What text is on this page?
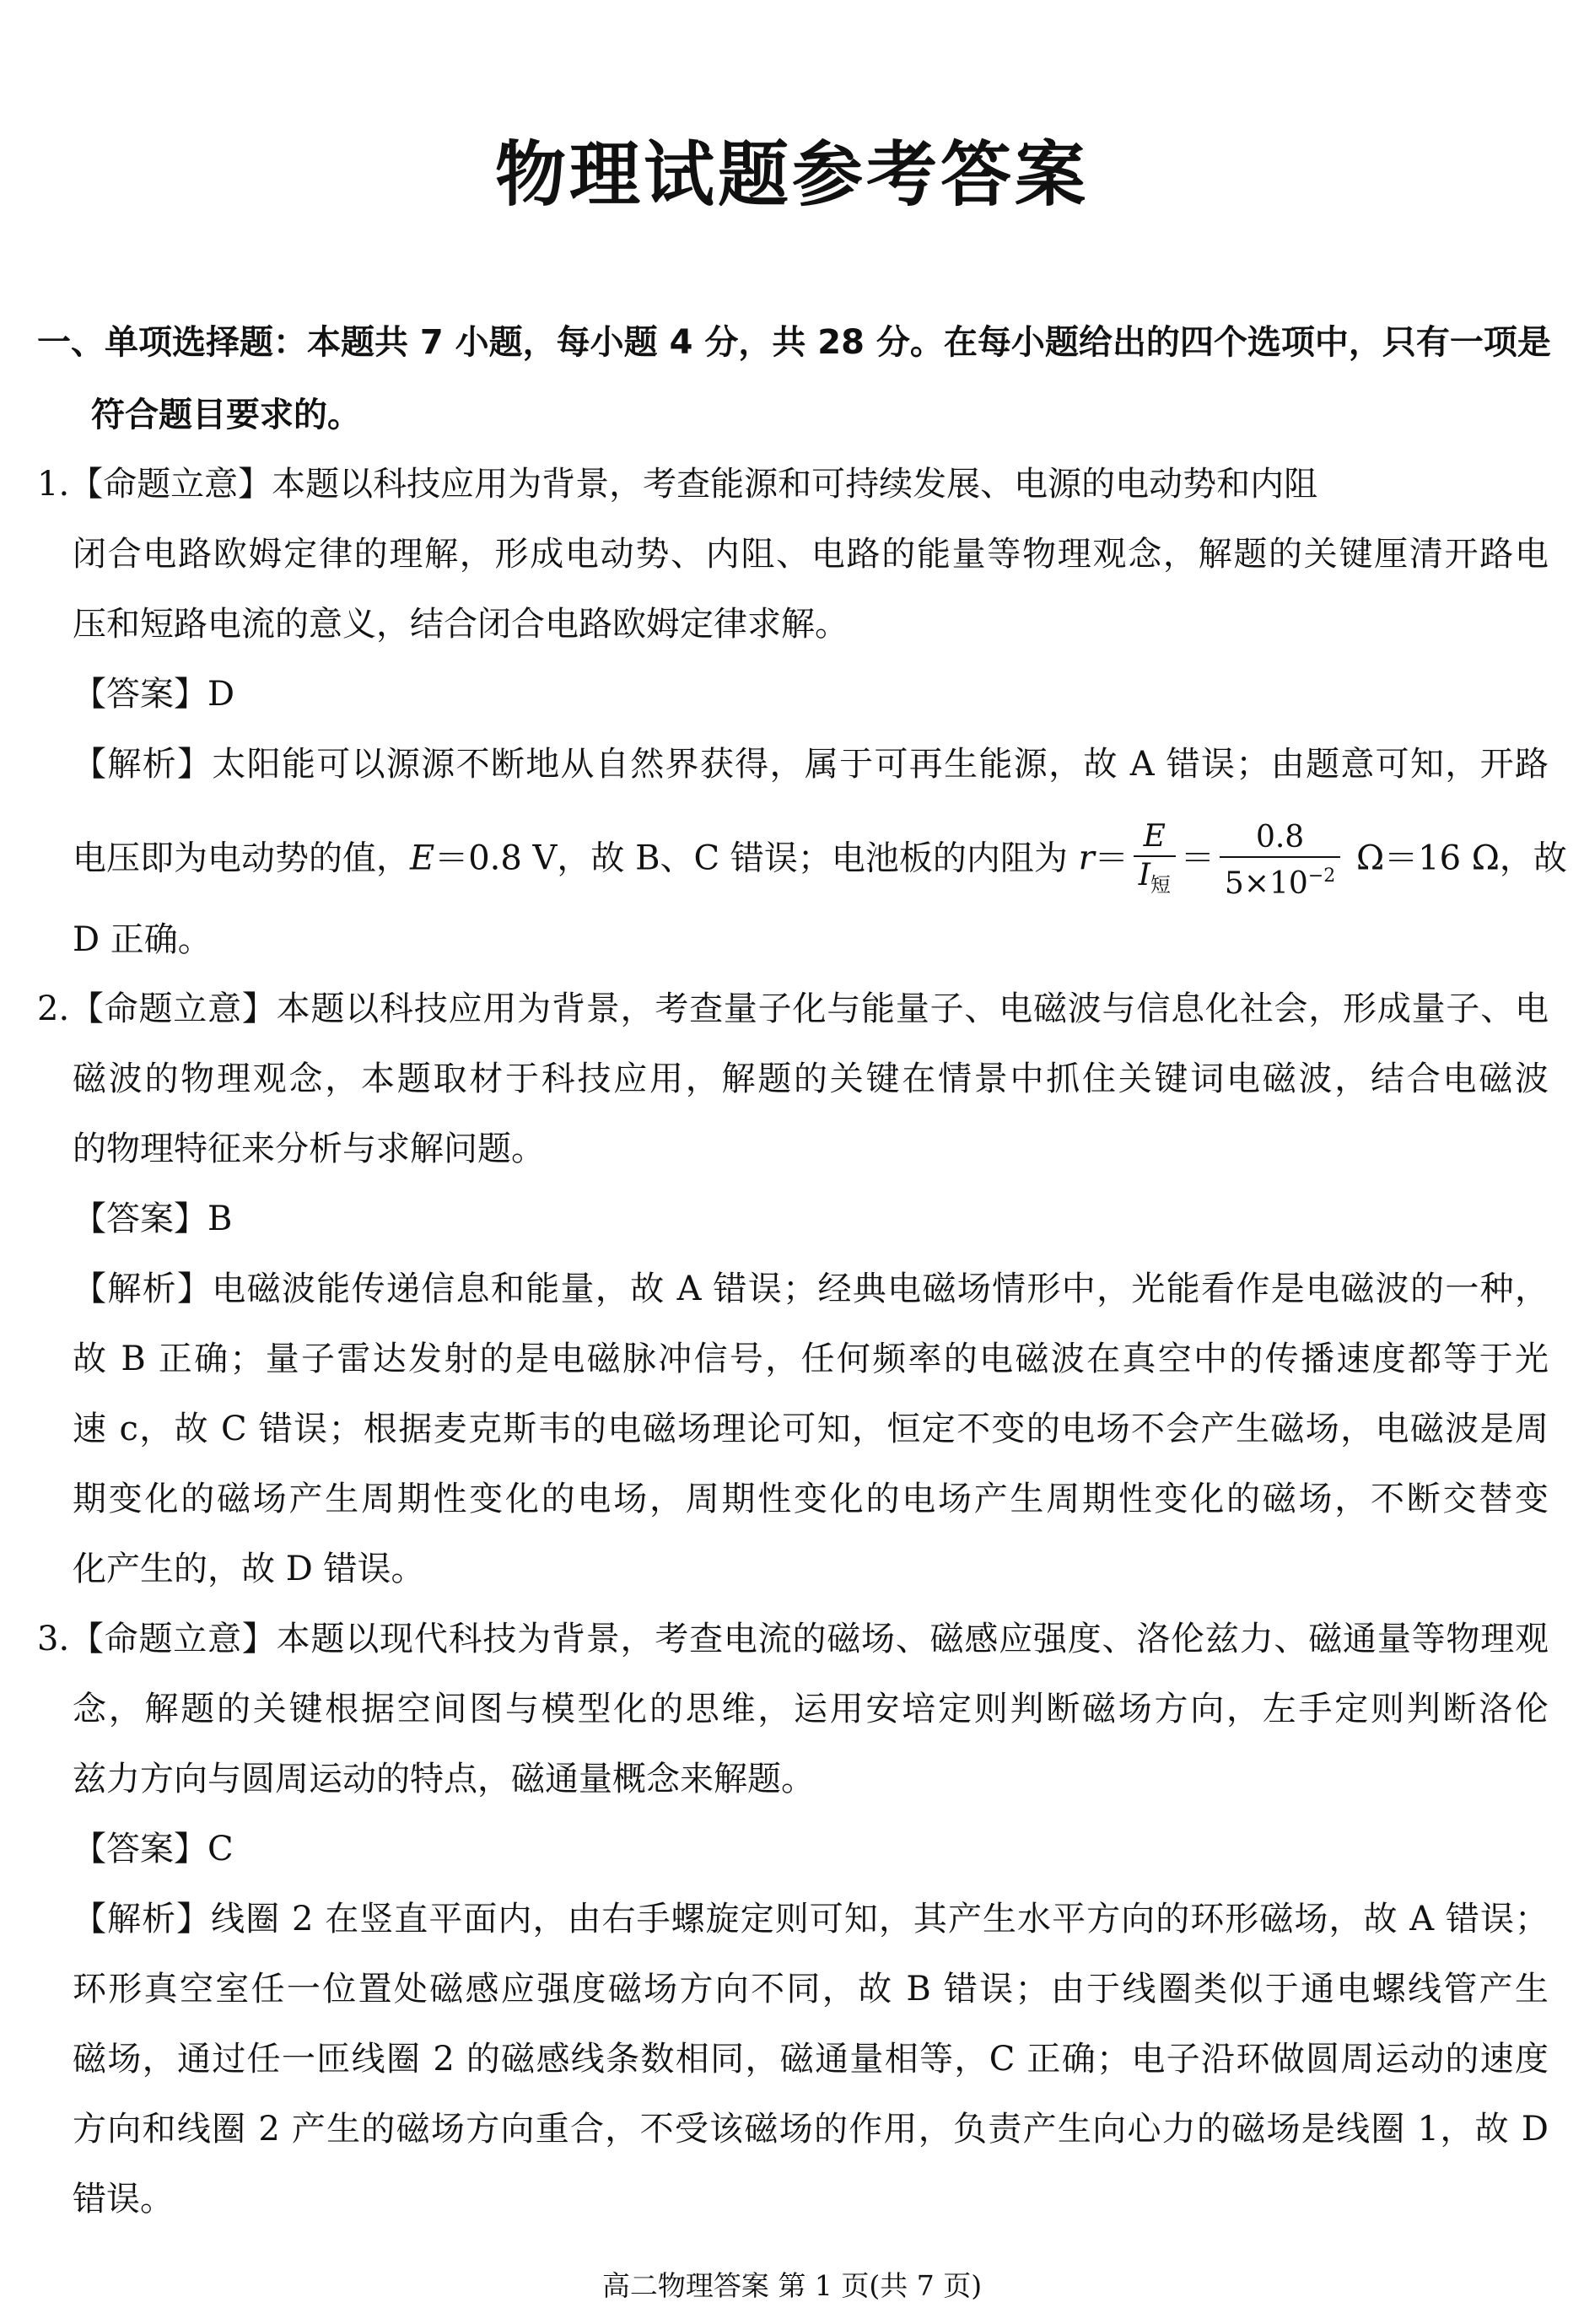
物理试题参考答案
一、单项选择题：本题共 7 小题，每小题 4 分，共 28 分。在每小题给出的四个选项中，只有一项是
符合题目要求的。
1.【命题立意】本题以科技应用为背景，考查能源和可持续发展、电源的电动势和内阻
闭合电路欧姆定律的理解，形成电动势、内阻、电路的能量等物理观念，解题的关键厘清开路电
压和短路电流的意义，结合闭合电路欧姆定律求解。
【答案】D
【解析】太阳能可以源源不断地从自然界获得，属于可再生能源，故 A 错误；由题意可知，开路
电压即为电动势的值，E＝0.8 V，故 B、C 错误；电池板的内阻为 $r= \frac{E}{I_短} = \frac{0.8}{5\times 10^{-2}} \Omega=16$ Ω，故
D 正确。
2.【命题立意】本题以科技应用为背景，考查量子化与能量子、电磁波与信息化社会，形成量子、电
磁波的物理观念，本题取材于科技应用，解题的关键在情景中抓住关键词电磁波，结合电磁波
的物理特征来分析与求解问题。
【答案】B
【解析】电磁波能传递信息和能量，故 A 错误；经典电磁场情形中，光能看作是电磁波的一种，
故 B 正确；量子雷达发射的是电磁脉冲信号，任何频率的电磁波在真空中的传播速度都等于光
速 c，故 C 错误；根据麦克斯韦的电磁场理论可知，恒定不变的电场不会产生磁场，电磁波是周
期变化的磁场产生周期性变化的电场，周期性变化的电场产生周期性变化的磁场，不断交替变
化产生的，故 D 错误。
3.【命题立意】本题以现代科技为背景，考查电流的磁场、磁感应强度、洛伦兹力、磁通量等物理观
念，解题的关键根据空间图与模型化的思维，运用安培定则判断磁场方向，左手定则判断洛伦
兹力方向与圆周运动的特点，磁通量概念来解题。
【答案】C
【解析】线圈 2 在竖直平面内，由右手螺旋定则可知，其产生水平方向的环形磁场，故 A 错误；
环形真空室任一位置处磁感应强度磁场方向不同，故 B 错误；由于线圈类似于通电螺线管产生
磁场，通过任一匝线圈 2 的磁感线条数相同，磁通量相等，C 正确；电子沿环做圆周运动的速度
方向和线圈 2 产生的磁场方向重合，不受该磁场的作用，负责产生向心力的磁场是线圈 1，故 D
错误。
高二物理答案 第 1 页(共 7 页)
